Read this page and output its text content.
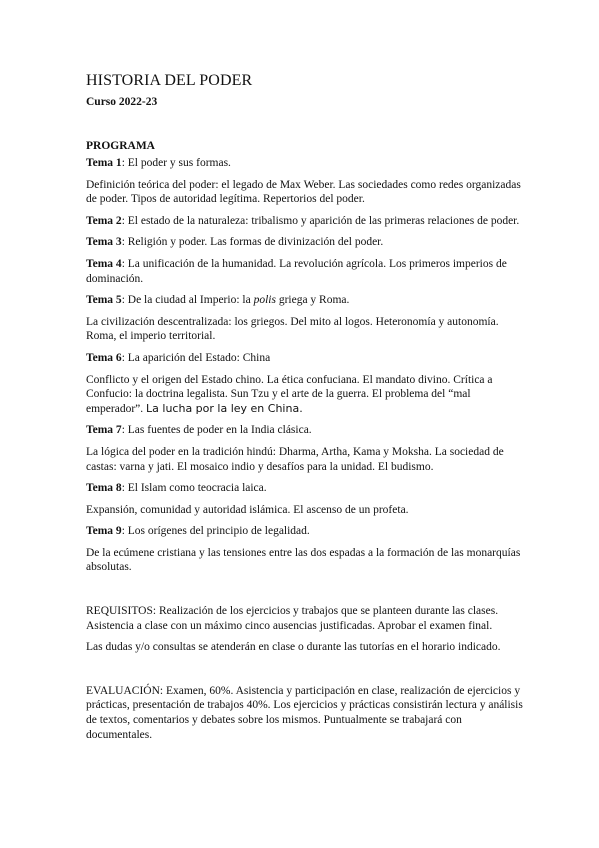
HISTORIA DEL PODER
Curso 2022-23
PROGRAMA

Tema 1: El poder y sus formas.

Definición teórica del poder: el legado de Max Weber. Las sociedades como redes organizadas de poder. Tipos de autoridad legítima. Repertorios del poder.

Tema 2: El estado de la naturaleza: tribalismo y aparición de las primeras relaciones de poder.

Tema 3: Religión y poder. Las formas de divinización del poder.

Tema 4: La unificación de la humanidad. La revolución agrícola. Los primeros imperios de dominación.

Tema 5: De la ciudad al Imperio: la polis griega y Roma.

La civilización descentralizada: los griegos. Del mito al logos. Heteronomía y autonomía. Roma, el imperio territorial.

Tema 6: La aparición del Estado: China

Conflicto y el origen del Estado chino. La ética confuciana. El mandato divino. Crítica a Confucio: la doctrina legalista. Sun Tzu y el arte de la guerra. El problema del “mal emperador”. La lucha por la ley en China.

Tema 7: Las fuentes de poder en la India clásica.

La lógica del poder en la tradición hindú: Dharma, Artha, Kama y Moksha. La sociedad de castas: varna y jati. El mosaico indio y desafíos para la unidad. El budismo.

Tema 8: El Islam como teocracia laica.

Expansión, comunidad y autoridad islámica. El ascenso de un profeta.

Tema 9: Los orígenes del principio de legalidad.

De la ecúmene cristiana y las tensiones entre las dos espadas a la formación de las monarquías absolutas.

REQUISITOS: Realización de los ejercicios y trabajos que se planteen durante las clases. Asistencia a clase con un máximo cinco ausencias justificadas. Aprobar el examen final.

Las dudas y/o consultas se atenderán en clase o durante las tutorías en el horario indicado.

EVALUACIÓN: Examen, 60%. Asistencia y participación en clase, realización de ejercicios y prácticas, presentación de trabajos 40%. Los ejercicios y prácticas consistirán lectura y análisis de textos, comentarios y debates sobre los mismos. Puntualmente se trabajará con documentales.
